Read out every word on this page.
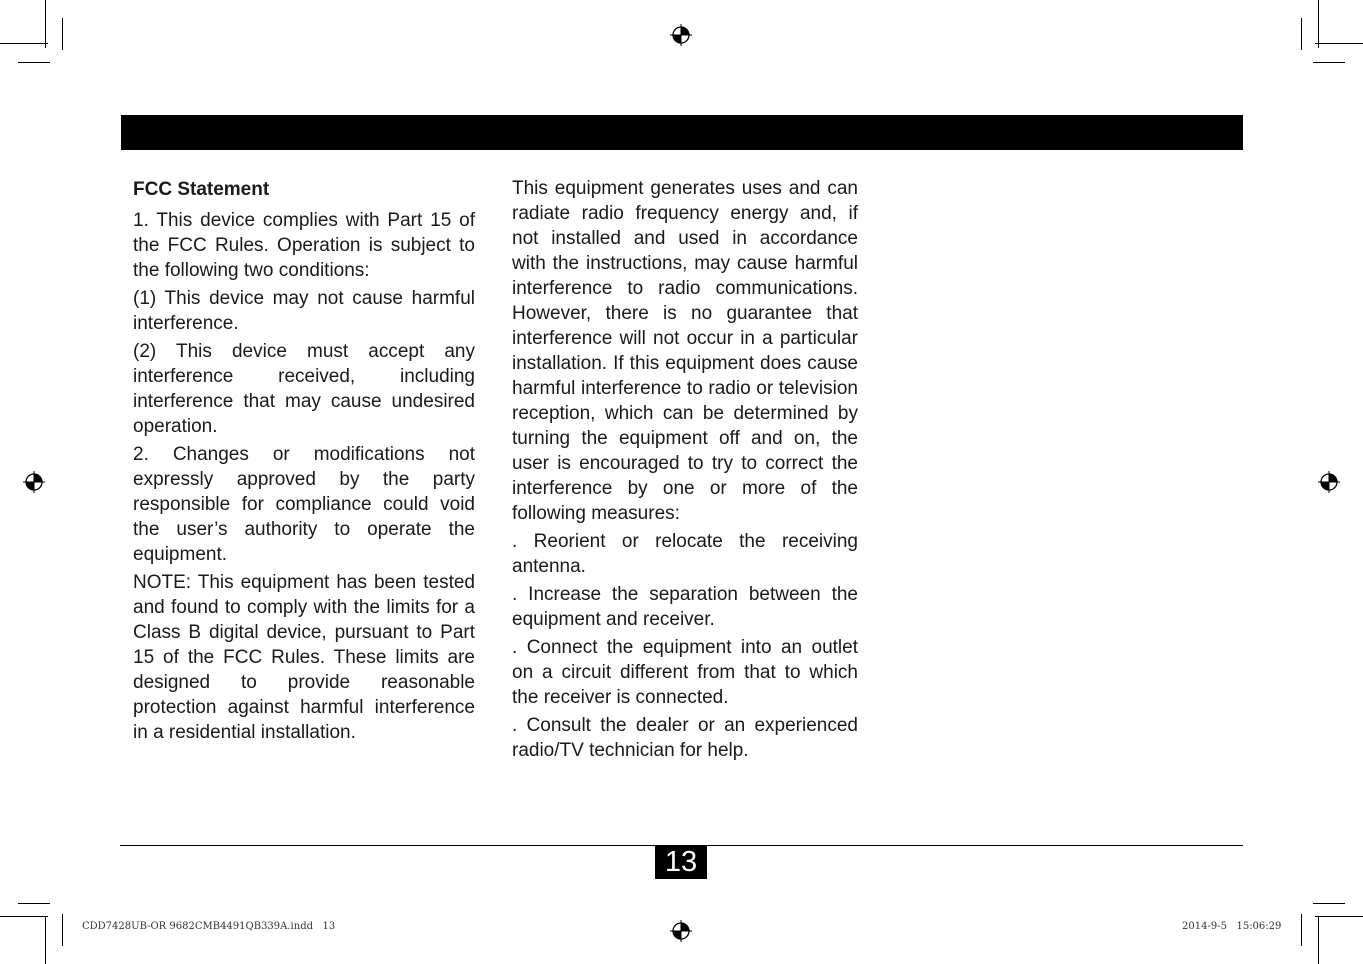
FCC Statement

1. This device complies with Part 15 of the FCC Rules. Operation is subject to the following two conditions:

(1) This device may not cause harmful interference.

(2) This device must accept any interference received, including interference that may cause undesired operation.

2. Changes or modifications not expressly approved by the party responsible for compliance could void the user’s authority to operate the equipment.

NOTE: This equipment has been tested and found to comply with the limits for a Class B digital device, pursuant to Part 15 of the FCC Rules. These limits are designed to provide reasonable protection against harmful interference in a residential installation.

This equipment generates uses and can radiate radio frequency energy and, if not installed and used in accordance with the instructions, may cause harmful interference to radio communications. However, there is no guarantee that interference will not occur in a particular installation. If this equipment does cause harmful interference to radio or television reception, which can be determined by turning the equipment off and on, the user is encouraged to try to correct the interference by one or more of the following measures:

. Reorient or relocate the receiving antenna.

. Increase the separation between the equipment and receiver.

. Connect the equipment into an outlet on a circuit different from that to which the receiver is connected.

. Consult the dealer or an experienced radio/TV technician for help.

13
CDD7428UB-OR 9682CMB4491QB339A.indd   13	2014-9-5   15:06:29
